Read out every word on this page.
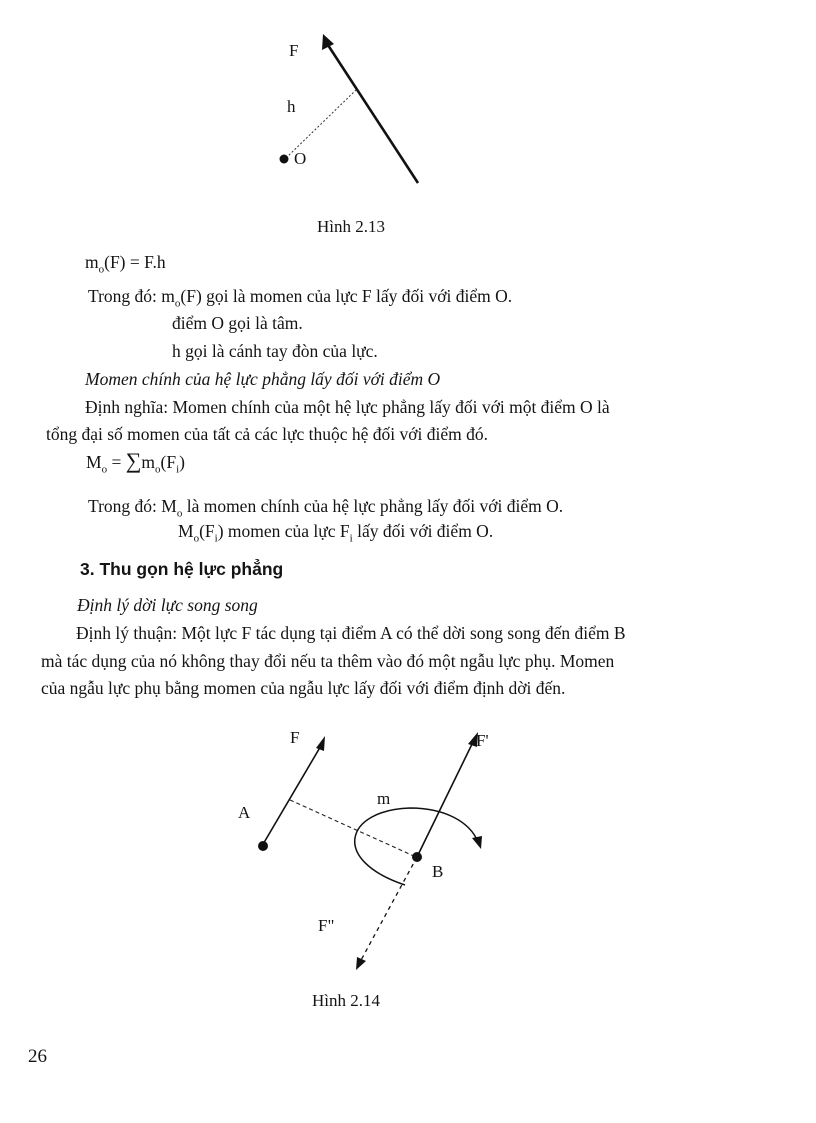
F
h
O
Hình 2.13
$m_o(F) = F.h$
Trong đó: $m_o(F)$ gọi là momen của lực F lấy đối với điểm O.
điểm O gọi là tâm.
h gọi là cánh tay đòn của lực.
Momen chính của hệ lực phẳng lấy đối với điểm O
Định nghĩa: Momen chính của một hệ lực phẳng lấy đối với một điểm O là
tổng đại số momen của tất cả các lực thuộc hệ đối với điểm đó.
$M_o = \sum m_o(F_i)$
Trong đó: $M_o$ là momen chính của hệ lực phẳng lấy đối với điểm O.
$M_o(F_i)$ momen của lực $F_i$ lấy đối với điểm O.
3. Thu gọn hệ lực phẳng
Định lý dời lực song song
Định lý thuận: Một lực F tác dụng tại điểm A có thể dời song song đến điểm B
mà tác dụng của nó không thay đổi nếu ta thêm vào đó một ngẫu lực phụ. Momen
của ngẫu lực phụ bằng momen của ngẫu lực lấy đối với điểm định dời đến.
F	F'
m
A
B
F"
Hình 2.14
26
